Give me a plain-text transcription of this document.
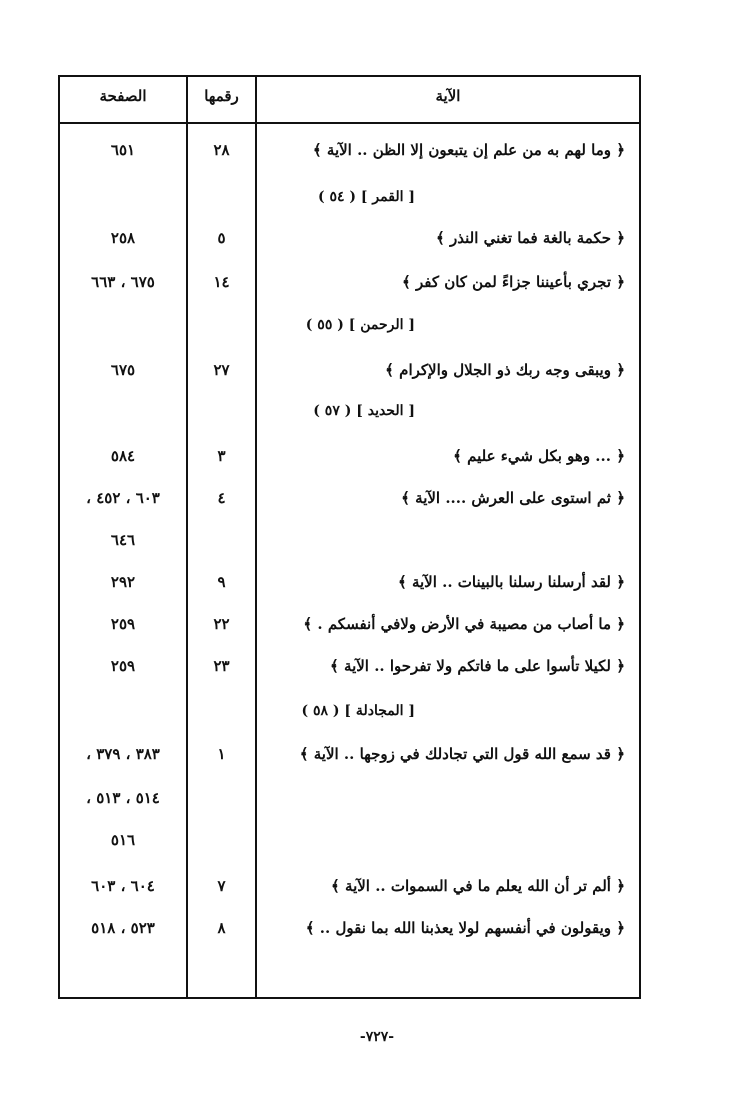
الصفحة	رقمها	الآية
﴿ وما لهم به من علم إن يتبعون إلا الظن .. الآية ﴾
٢٨
٦٥١
[ القمر ] ( ٥٤ )
﴿ حكمة بالغة فما تغني النذر ﴾
٥
٢٥٨
﴿ تجري بأعيننا جزاءً لمن كان كفر ﴾
١٤
٦٧٥ ، ٦٦٣
[ الرحمن ] ( ٥٥ )
﴿ ويبقى وجه ربك ذو الجلال والإكرام ﴾
٢٧
٦٧٥
[ الحديد ] ( ٥٧ )
﴿ ... وهو بكل شيء عليم ﴾
٣
٥٨٤
﴿ ثم استوى على العرش .... الآية ﴾
٤
، ٦٠٣ ، ٤٥٢
٦٤٦
﴿ لقد أرسلنا رسلنا بالبينات .. الآية ﴾
٩
٢٩٢
﴿ ما أصاب من مصيبة في الأرض ولافي أنفسكم . ﴾
٢٢
٢٥٩
﴿ لكيلا تأسوا على ما فاتكم ولا تفرحوا .. الآية ﴾
٢٣
٢٥٩
[ المجادلة ] ( ٥٨ )
﴿ قد سمع الله قول التي تجادلك في زوجها .. الآية ﴾
١
، ٣٨٣ ، ٣٧٩
، ٥١٤ ، ٥١٣
٥١٦
﴿ ألم تر أن الله يعلم ما في السموات .. الآية ﴾
٧
٦٠٤ ، ٦٠٣
﴿ ويقولون في أنفسهم لولا يعذبنا الله بما نقول .. ﴾
٨
٥٢٣ ، ٥١٨
-٧٢٧-
